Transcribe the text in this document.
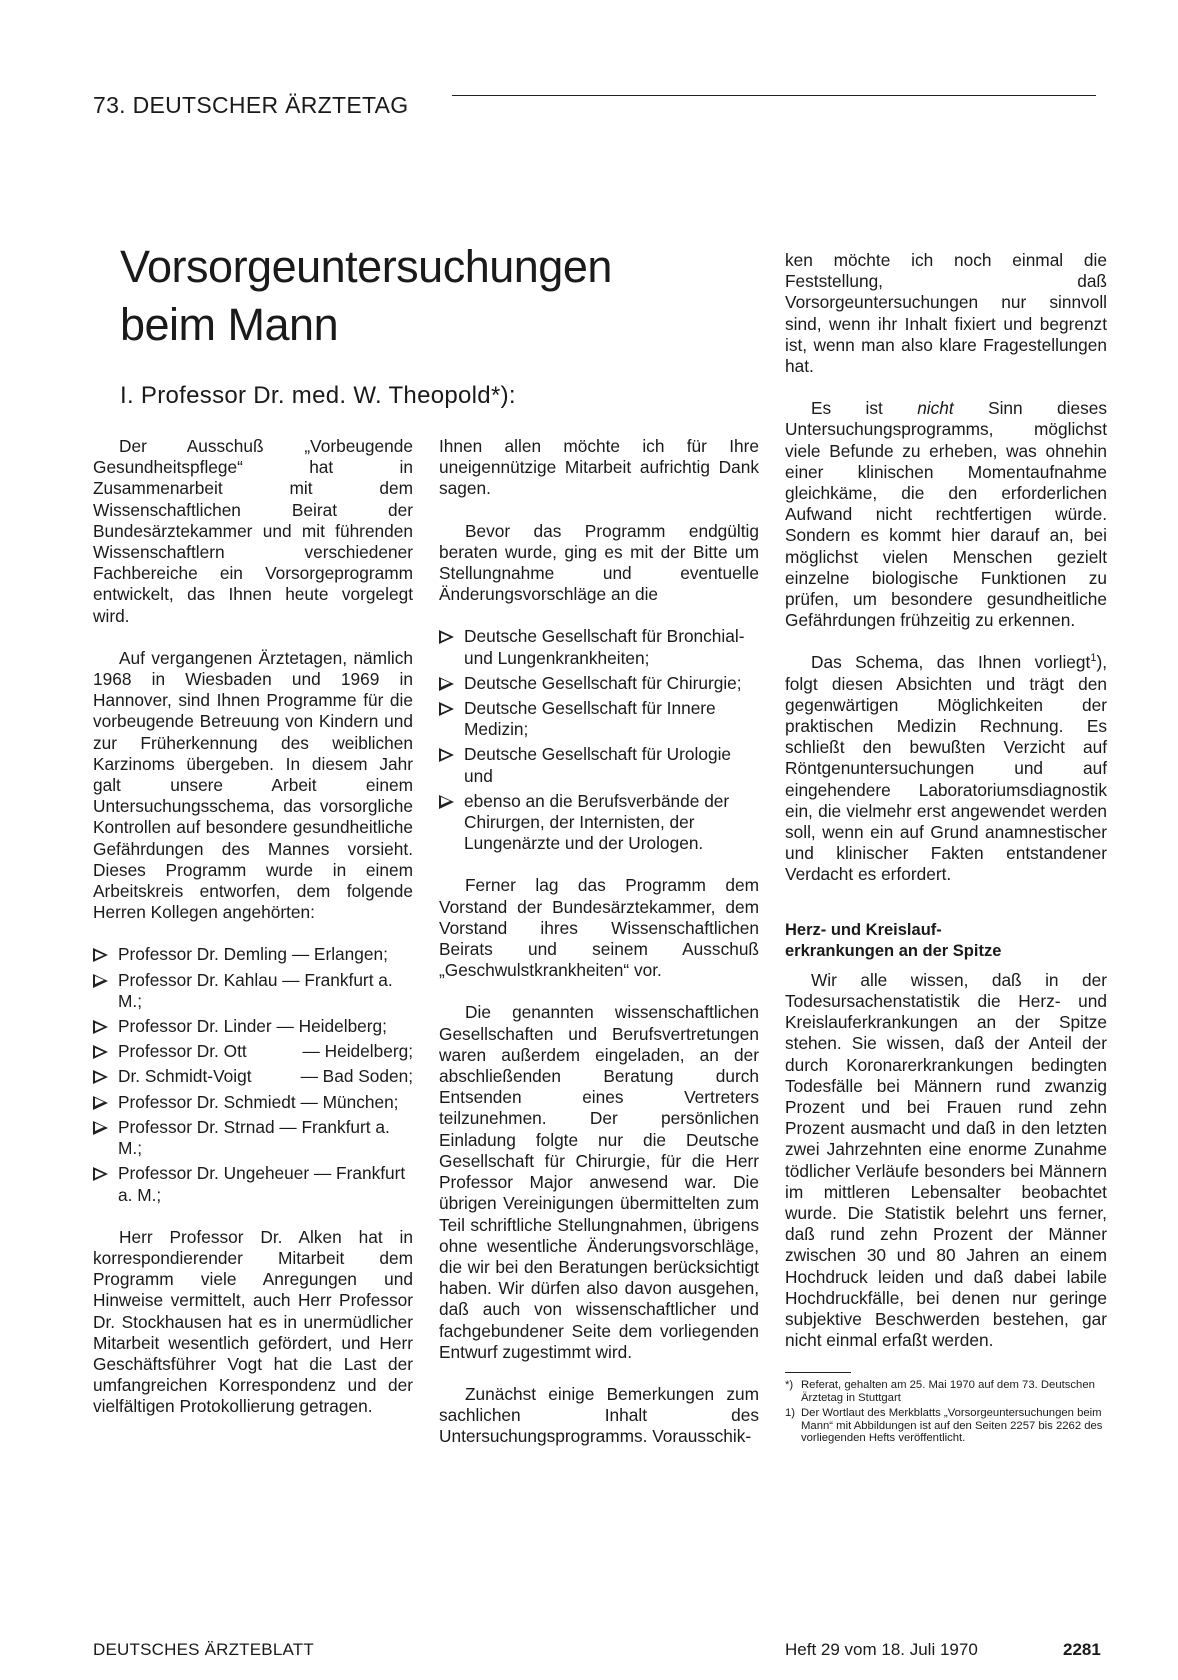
73. DEUTSCHER ÄRZTETAG
Vorsorgeuntersuchungen
beim Mann
I. Professor Dr. med. W. Theopold*):

Der Ausschuß „Vorbeugende Gesundheitspflege“ hat in Zusammenarbeit mit dem Wissenschaftlichen Beirat der Bundesärztekammer und mit führenden Wissenschaftlern verschiedener Fachbereiche ein Vorsorgeprogramm entwickelt, das Ihnen heute vorgelegt wird.

Auf vergangenen Ärztetagen, nämlich 1968 in Wiesbaden und 1969 in Hannover, sind Ihnen Programme für die vorbeugende Betreuung von Kindern und zur Früherkennung des weiblichen Karzinoms übergeben. In diesem Jahr galt unsere Arbeit einem Untersuchungsschema, das vorsorgliche Kontrollen auf besondere gesundheitliche Gefährdungen des Mannes vorsieht. Dieses Programm wurde in einem Arbeitskreis entworfen, dem folgende Herren Kollegen angehörten:

Professor Dr. Demling — Erlangen;
Professor Dr. Kahlau — Frankfurt a. M.;
Professor Dr. Linder — Heidelberg;
Professor Dr. Ott	— Heidelberg;
Dr. Schmidt-Voigt	— Bad Soden;
Professor Dr. Schmiedt — München;
Professor Dr. Strnad — Frankfurt a. M.;
Professor Dr. Ungeheuer — Frankfurt a. M.;

Herr Professor Dr. Alken hat in korrespondierender Mitarbeit dem Programm viele Anregungen und Hinweise vermittelt, auch Herr Professor Dr. Stockhausen hat es in unermüdlicher Mitarbeit wesentlich gefördert, und Herr Geschäftsführer Vogt hat die Last der umfangreichen Korrespondenz und der vielfältigen Protokollierung getragen.

Ihnen allen möchte ich für Ihre uneigennützige Mitarbeit aufrichtig Dank sagen.

Bevor das Programm endgültig beraten wurde, ging es mit der Bitte um Stellungnahme und eventuelle Änderungsvorschläge an die

Deutsche Gesellschaft für Bronchial- und Lungenkrankheiten;
Deutsche Gesellschaft für Chirurgie;
Deutsche Gesellschaft für Innere Medizin;
Deutsche Gesellschaft für Urologie und
ebenso an die Berufsverbände der Chirurgen, der Internisten, der Lungenärzte und der Urologen.

Ferner lag das Programm dem Vorstand der Bundesärztekammer, dem Vorstand ihres Wissenschaftlichen Beirats und seinem Ausschuß „Geschwulstkrankheiten“ vor.

Die genannten wissenschaftlichen Gesellschaften und Berufsvertretungen waren außerdem eingeladen, an der abschließenden Beratung durch Entsenden eines Vertreters teilzunehmen. Der persönlichen Einladung folgte nur die Deutsche Gesellschaft für Chirurgie, für die Herr Professor Major anwesend war. Die übrigen Vereinigungen übermittelten zum Teil schriftliche Stellungnahmen, übrigens ohne wesentliche Änderungsvorschläge, die wir bei den Beratungen berücksichtigt haben. Wir dürfen also davon ausgehen, daß auch von wissenschaftlicher und fachgebundener Seite dem vorliegenden Entwurf zugestimmt wird.

Zunächst einige Bemerkungen zum sachlichen Inhalt des Untersuchungsprogramms. Vorausschik-

ken möchte ich noch einmal die Feststellung, daß Vorsorgeuntersuchungen nur sinnvoll sind, wenn ihr Inhalt fixiert und begrenzt ist, wenn man also klare Fragestellungen hat.

Es ist nicht Sinn dieses Untersuchungsprogramms, möglichst viele Befunde zu erheben, was ohnehin einer klinischen Momentaufnahme gleichkäme, die den erforderlichen Aufwand nicht rechtfertigen würde. Sondern es kommt hier darauf an, bei möglichst vielen Menschen gezielt einzelne biologische Funktionen zu prüfen, um besondere gesundheitliche Gefährdungen frühzeitig zu erkennen.

Das Schema, das Ihnen vorliegt$^1$), folgt diesen Absichten und trägt den gegenwärtigen Möglichkeiten der praktischen Medizin Rechnung. Es schließt den bewußten Verzicht auf Röntgenuntersuchungen und auf eingehendere Laboratoriumsdiagnostik ein, die vielmehr erst angewendet werden soll, wenn ein auf Grund anamnestischer und klinischer Fakten entstandener Verdacht es erfordert.

Herz- und Kreislauf-
erkrankungen an der Spitze

Wir alle wissen, daß in der Todesursachenstatistik die Herz- und Kreislauferkrankungen an der Spitze stehen. Sie wissen, daß der Anteil der durch Koronarerkrankungen bedingten Todesfälle bei Männern rund zwanzig Prozent und bei Frauen rund zehn Prozent ausmacht und daß in den letzten zwei Jahrzehnten eine enorme Zunahme tödlicher Verläufe besonders bei Männern im mittleren Lebensalter beobachtet wurde. Die Statistik belehrt uns ferner, daß rund zehn Prozent der Männer zwischen 30 und 80 Jahren an einem Hochdruck leiden und daß dabei labile Hochdruckfälle, bei denen nur geringe subjektive Beschwerden bestehen, gar nicht einmal erfaßt werden.

*) Referat, gehalten am 25. Mai 1970 auf dem 73. Deutschen Ärztetag in Stuttgart
1) Der Wortlaut des Merkblatts „Vorsorgeuntersuchungen beim Mann“ mit Abbildungen ist auf den Seiten 2257 bis 2262 des vorliegenden Hefts veröffentlicht.
DEUTSCHES ÄRZTEBLATT	Heft 29 vom 18. Juli 1970	2281
